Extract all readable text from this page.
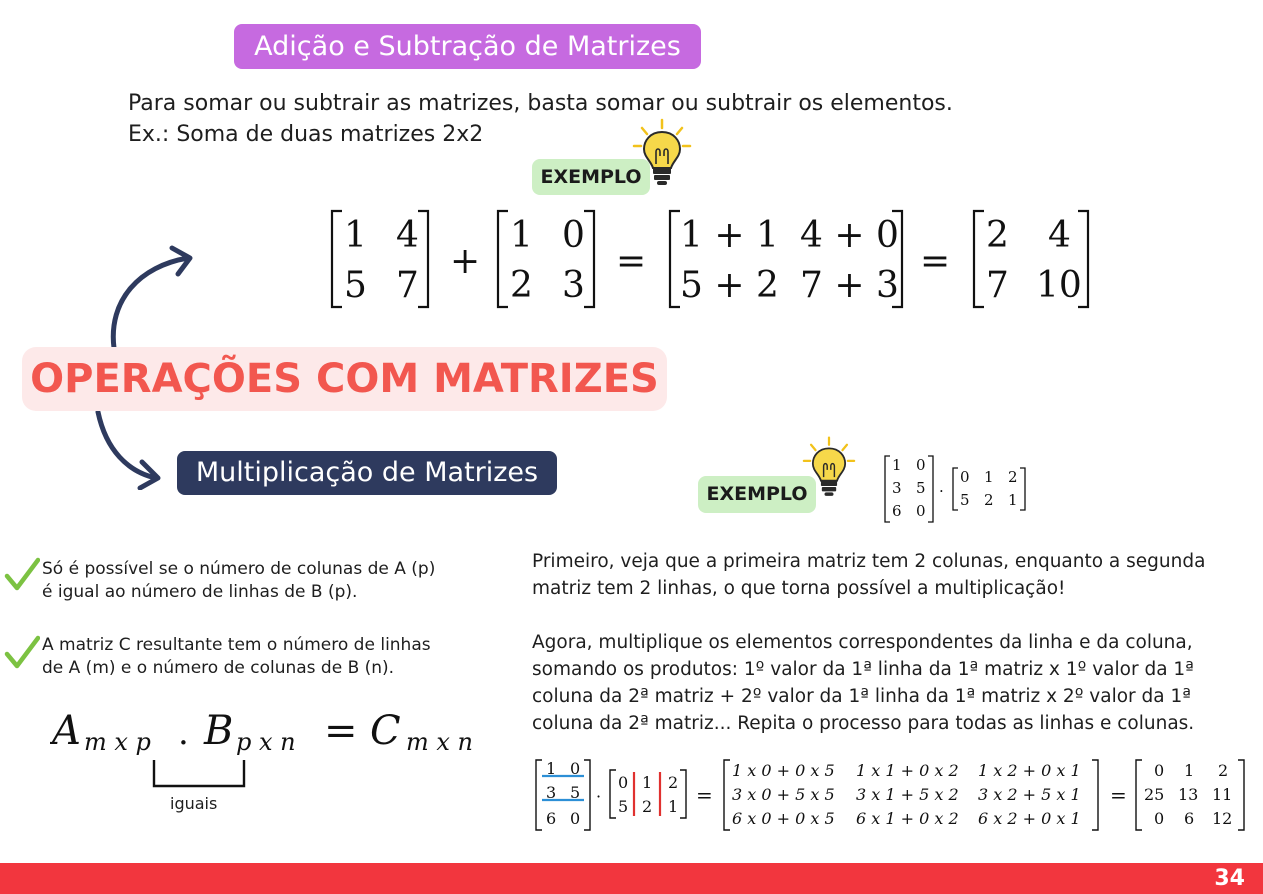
Adição e Subtração de Matrizes
Para somar ou subtrair as matrizes, basta somar ou subtrair os elementos.
Ex.: Soma de duas matrizes 2x2
EXEMPLO
1 4
5 7
+
1 0
2 3
=
1 + 1 4 + 0
5 + 2 7 + 3
=
2 4
7 10
OPERAÇÕES COM MATRIZES
Multiplicação de Matrizes
EXEMPLO
1 0
3 5
6 0
·
0 1 2
5 2 1
Só é possível se o número de colunas de A (p)
é igual ao número de linhas de B (p).
A matriz C resultante tem o número de linhas
de A (m) e o número de colunas de B (n).
A m x p . B p x n = C m x n
iguais
Primeiro, veja que a primeira matriz tem 2 colunas, enquanto a segunda
matriz tem 2 linhas, o que torna possível a multiplicação!
Agora, multiplique os elementos correspondentes da linha e da coluna,
somando os produtos: 1º valor da 1ª linha da 1ª matriz x 1º valor da 1ª
coluna da 2ª matriz + 2º valor da 1ª linha da 1ª matriz x 2º valor da 1ª
coluna da 2ª matriz... Repita o processo para todas as linhas e colunas.
1 0
3 5
6 0
·
0 1 2
5 2 1 =
1 x 0 + 0 x 5 1 x 1 + 0 x 2 1 x 2 + 0 x 1
3 x 0 + 5 x 5 3 x 1 + 5 x 2 3 x 2 + 5 x 1
6 x 0 + 0 x 5 6 x 1 + 0 x 2 6 x 2 + 0 x 1
=
0 1 2
25 13 11
0 6 12
34
